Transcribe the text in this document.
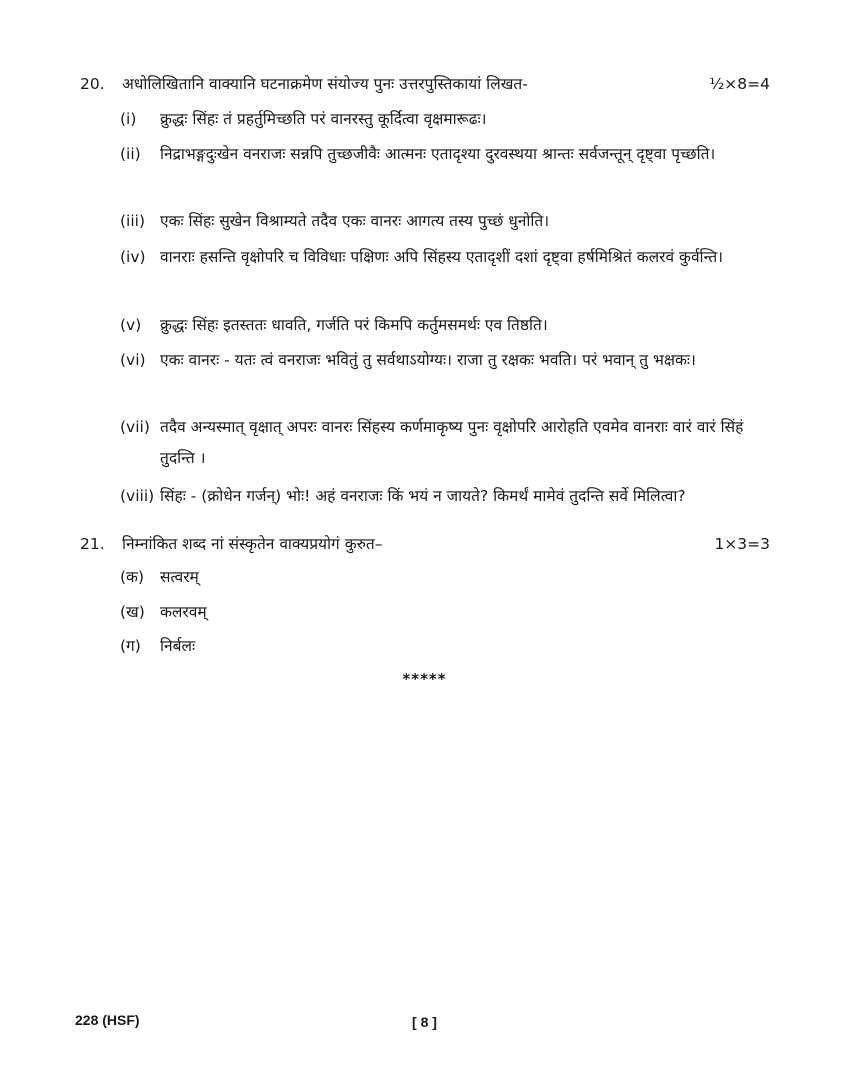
20.	अधोलिखितानि वाक्यानि घटनाक्रमेण संयोज्य पुनः उत्तरपुस्तिकायां लिखत-	½×8=4
(i)	क्रुद्धः सिंहः तं प्रहर्तुमिच्छति परं वानरस्तु कूर्दित्वा वृक्षमारूढः।
(ii)	निद्राभङ्गदुःखेन वनराजः सन्नपि तुच्छजीवैः आत्मनः एतादृश्या दुरवस्थया श्रान्तः सर्वजन्तून् दृष्ट्वा पृच्छति।
(iii) एकः सिंहः सुखेन विश्राम्यते तदैव एकः वानरः आगत्य तस्य पुच्छं धुनोति।
(iv) वानराः हसन्ति वृक्षोपरि च विविधाः पक्षिणः अपि सिंहस्य एतादृशीं दशां दृष्ट्वा हर्षमिश्रितं कलरवं कुर्वन्ति।
(v)	क्रुद्धः सिंहः इतस्ततः धावति, गर्जति परं किमपि कर्तुमसमर्थः एव तिष्ठति।
(vi) एकः वानरः - यतः त्वं वनराजः भवितुं तु सर्वथाऽयोग्यः। राजा तु रक्षकः भवति। परं भवान् तु भक्षकः।
(vii) तदैव अन्यस्मात् वृक्षात् अपरः वानरः सिंहस्य कर्णमाकृष्य पुनः वृक्षोपरि आरोहति एवमेव वानराः वारं वारं सिंहं तुदन्ति ।
(viii) सिंहः - (क्रोधेन गर्जन्) भोः! अहं वनराजः किं भयं न जायते? किमर्थं मामेवं तुदन्ति सर्वे मिलित्वा?
21.	निम्नांकित शब्द नां संस्कृतेन वाक्यप्रयोगं कुरुत–	1×3=3
(क)	सत्वरम्
(ख) कलरवम्
(ग)	निर्बलः
*****
228 (HSF)	[ 8 ]
